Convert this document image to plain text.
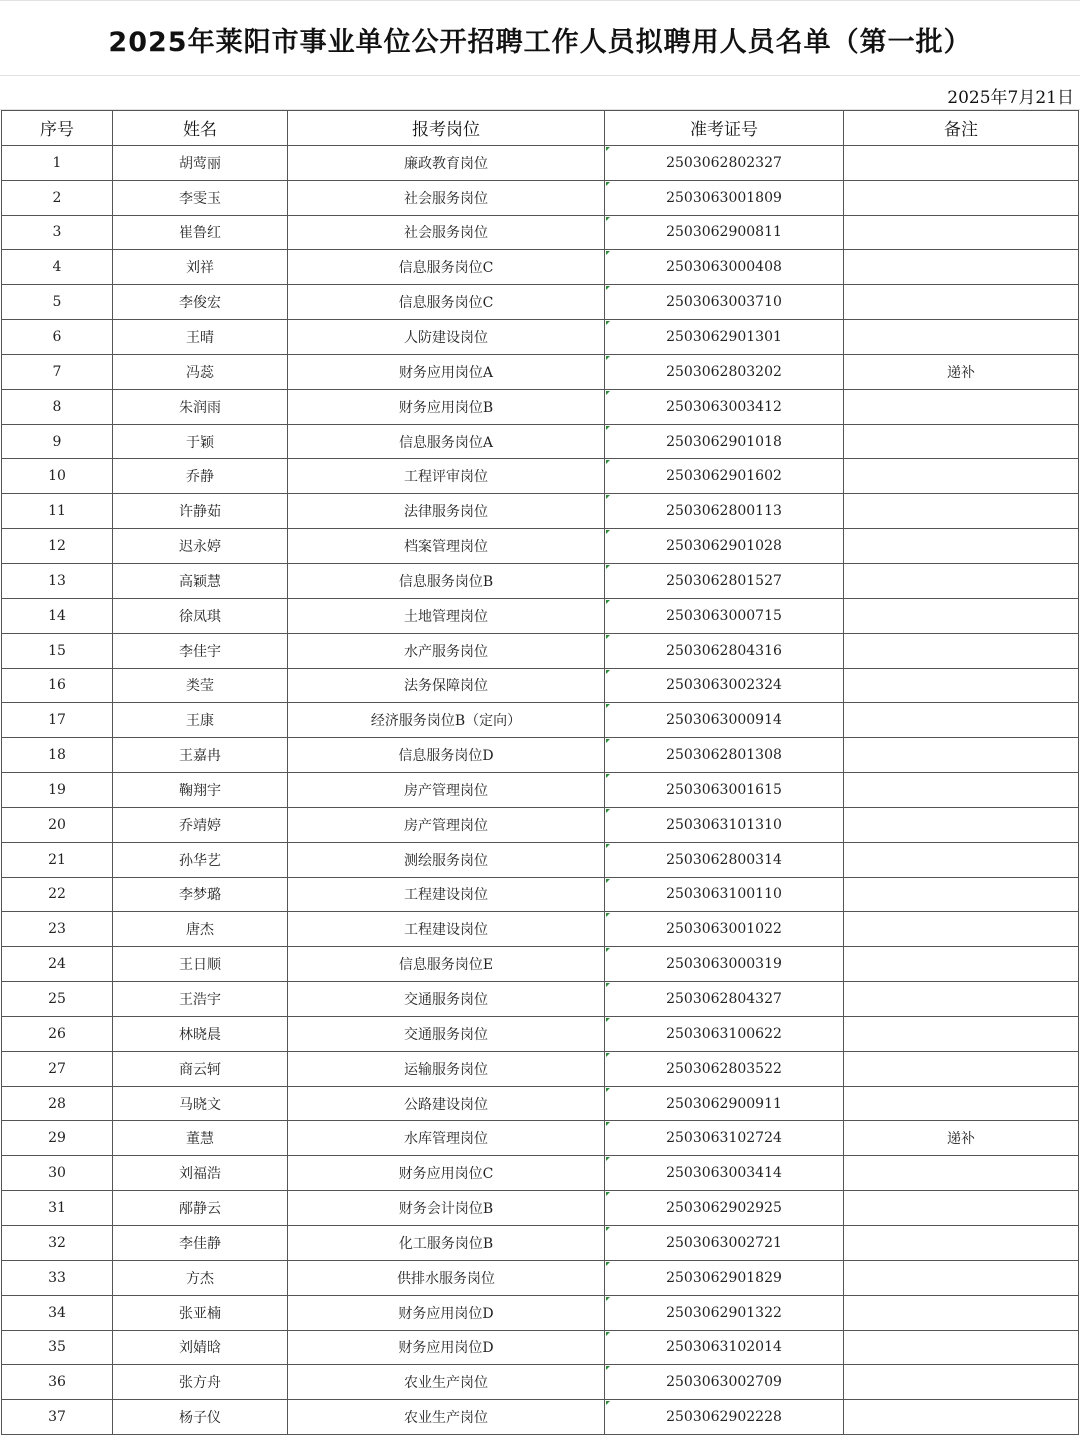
2025年莱阳市事业单位公开招聘工作人员拟聘用人员名单（第一批）
2025年7月21日
序号	姓名	报考岗位	准考证号	备注
1	胡莺丽	廉政教育岗位	2503062802327	
2	李雯玉	社会服务岗位	2503063001809	
3	崔鲁红	社会服务岗位	2503062900811	
4	刘祥	信息服务岗位C	2503063000408	
5	李俊宏	信息服务岗位C	2503063003710	
6	王晴	人防建设岗位	2503062901301	
7	冯蕊	财务应用岗位A	2503062803202	递补
8	朱润雨	财务应用岗位B	2503063003412	
9	于颖	信息服务岗位A	2503062901018	
10	乔静	工程评审岗位	2503062901602	
11	许静茹	法律服务岗位	2503062800113	
12	迟永婷	档案管理岗位	2503062901028	
13	高颖慧	信息服务岗位B	2503062801527	
14	徐凤琪	土地管理岗位	2503063000715	
15	李佳宇	水产服务岗位	2503062804316	
16	类莹	法务保障岗位	2503063002324	
17	王康	经济服务岗位B（定向）	2503063000914	
18	王嘉冉	信息服务岗位D	2503062801308	
19	鞠翔宇	房产管理岗位	2503063001615	
20	乔靖婷	房产管理岗位	2503063101310	
21	孙华艺	测绘服务岗位	2503062800314	
22	李梦璐	工程建设岗位	2503063100110	
23	唐杰	工程建设岗位	2503063001022	
24	王日顺	信息服务岗位E	2503063000319	
25	王浩宇	交通服务岗位	2503062804327	
26	林晓晨	交通服务岗位	2503063100622	
27	商云轲	运输服务岗位	2503062803522	
28	马晓文	公路建设岗位	2503062900911	
29	董慧	水库管理岗位	2503063102724	递补
30	刘福浩	财务应用岗位C	2503063003414	
31	邴静云	财务会计岗位B	2503062902925	
32	李佳静	化工服务岗位B	2503063002721	
33	方杰	供排水服务岗位	2503062901829	
34	张亚楠	财务应用岗位D	2503062901322	
35	刘婧晗	财务应用岗位D	2503063102014	
36	张方舟	农业生产岗位	2503063002709	
37	杨子仪	农业生产岗位	2503062902228	
